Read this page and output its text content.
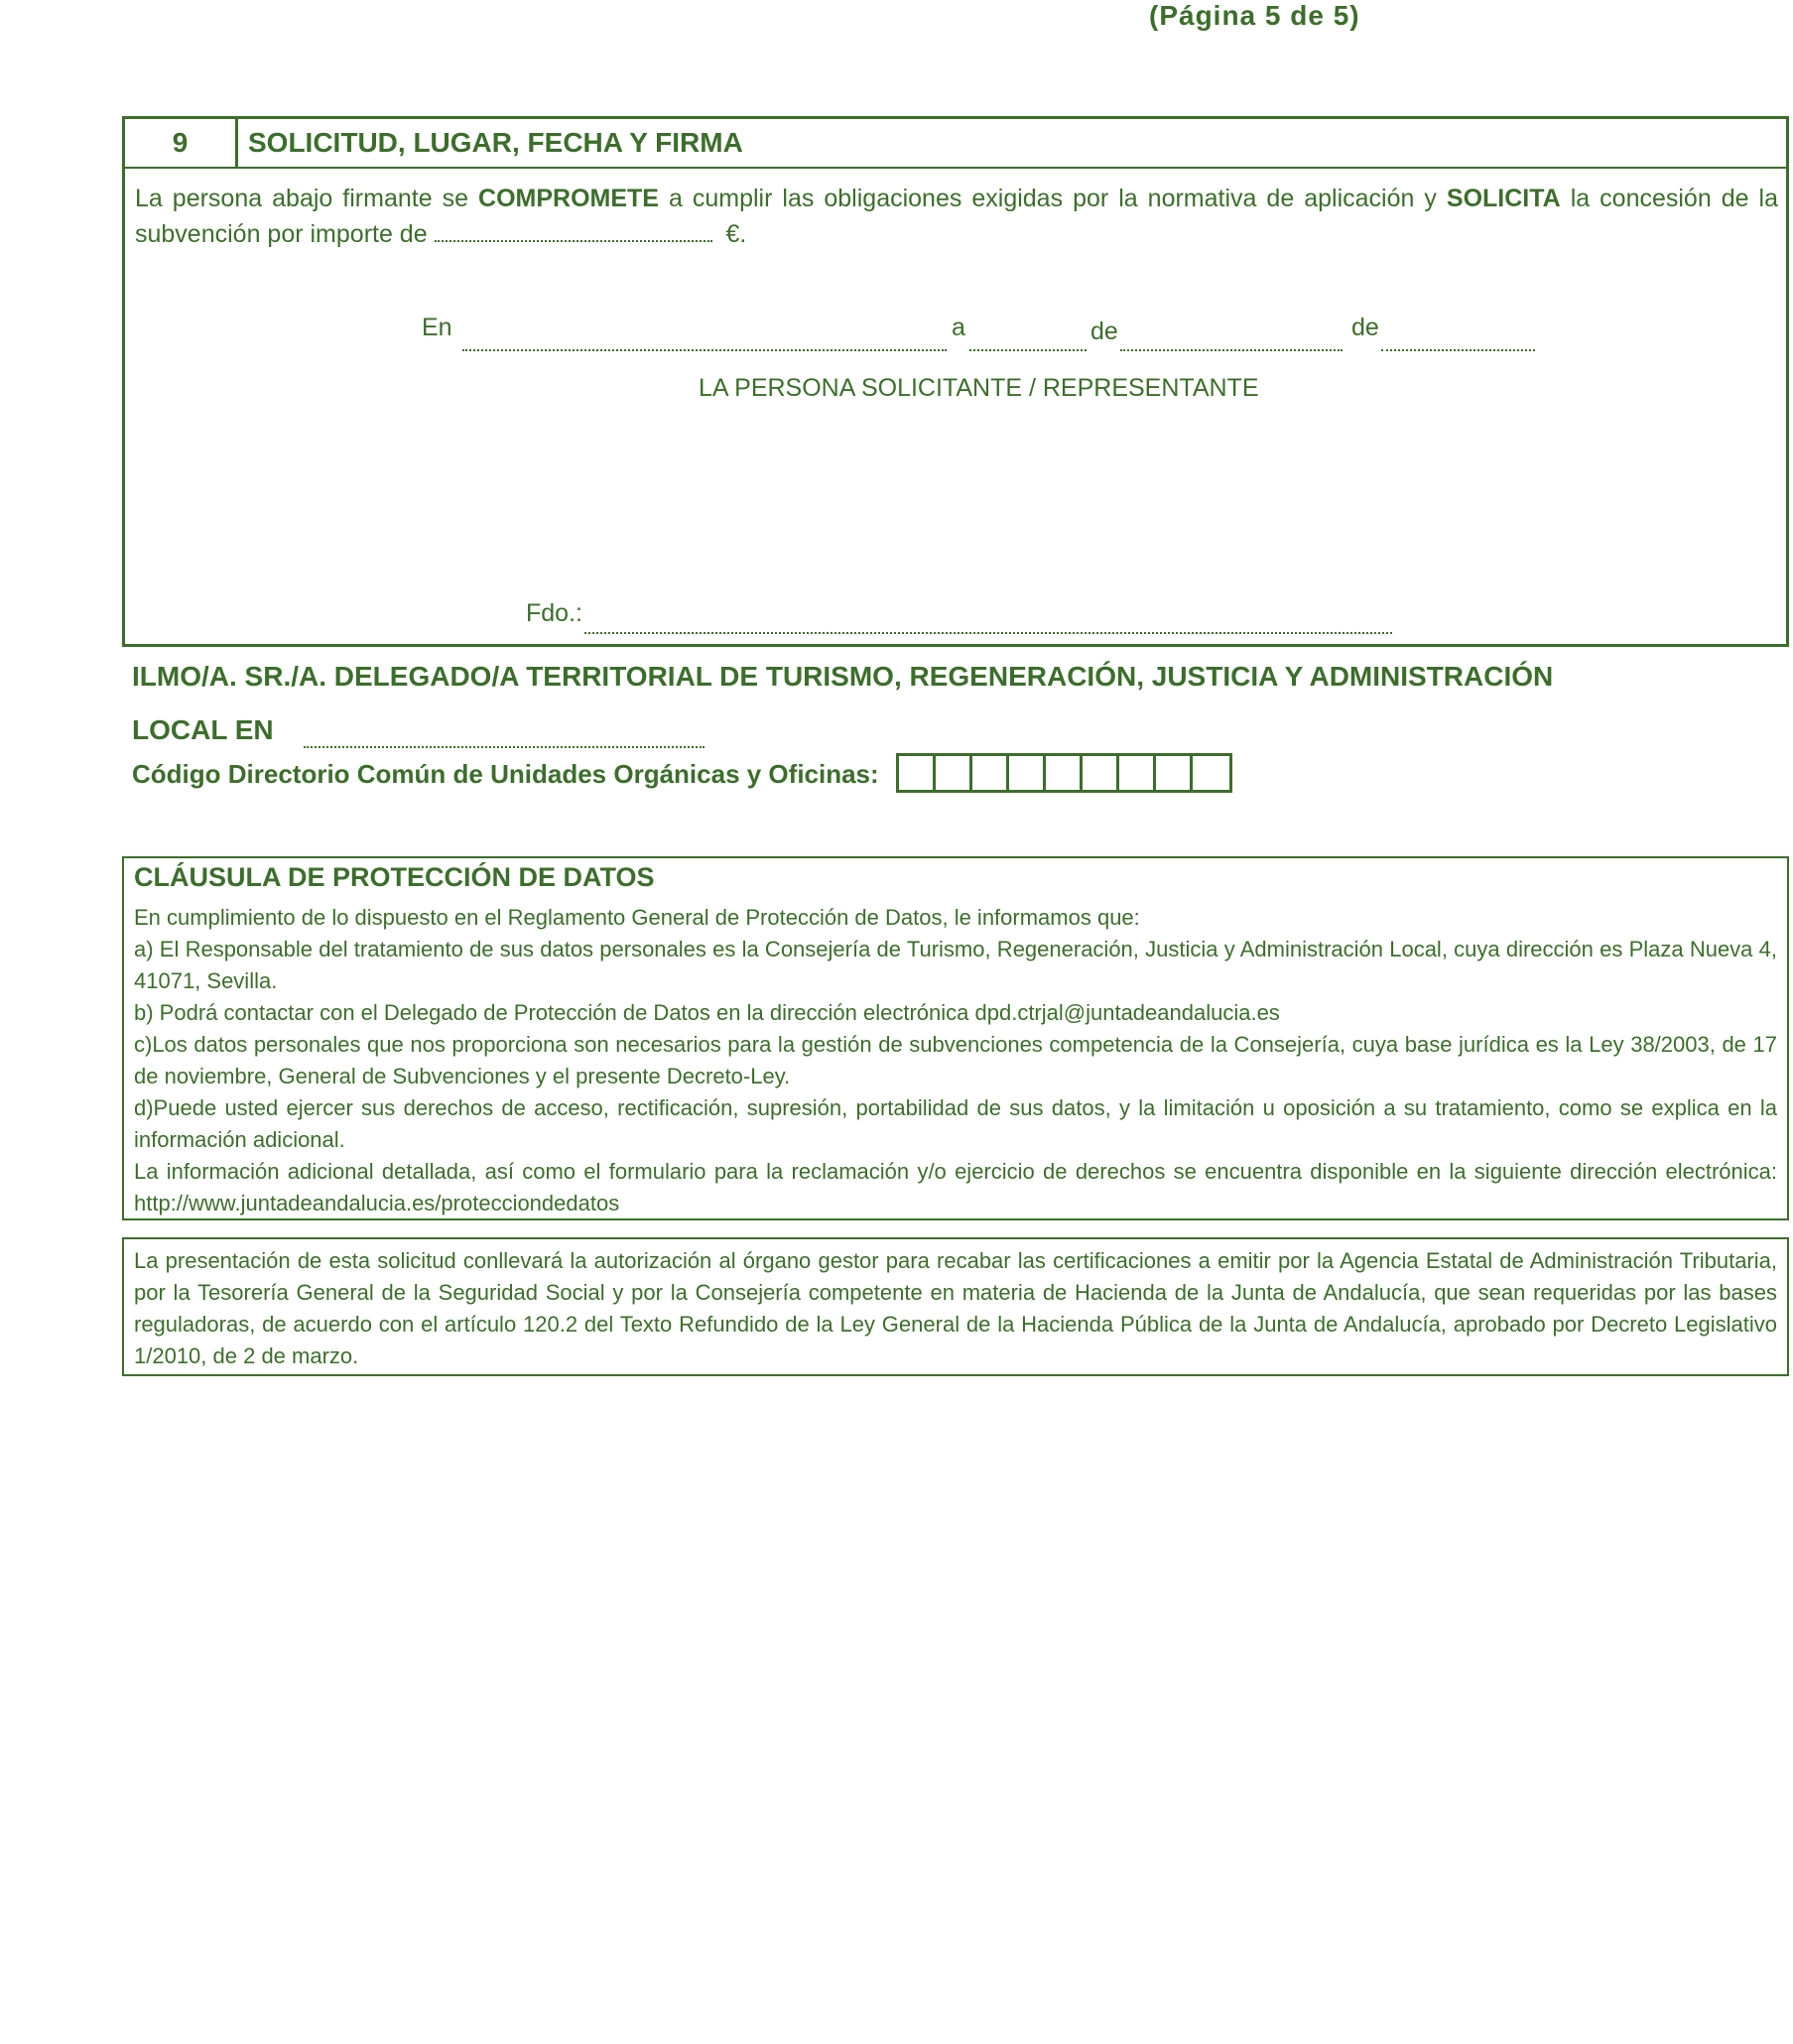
(Página 5 de 5)
9	SOLICITUD, LUGAR, FECHA Y FIRMA
La persona abajo firmante se COMPROMETE a cumplir las obligaciones exigidas por la normativa de aplicación y SOLICITA la concesión de la subvención por importe de	€.
En	a	de	de
LA PERSONA SOLICITANTE / REPRESENTANTE
Fdo.:
ILMO/A. SR./A. DELEGADO/A TERRITORIAL DE TURISMO, REGENERACIÓN, JUSTICIA Y ADMINISTRACIÓN
LOCAL EN
Código Directorio Común de Unidades Orgánicas y Oficinas:
CLÁUSULA DE PROTECCIÓN DE DATOS

En cumplimiento de lo dispuesto en el Reglamento General de Protección de Datos, le informamos que:

a) El Responsable del tratamiento de sus datos personales es la Consejería de Turismo, Regeneración, Justicia y Administración Local, cuya dirección es Plaza Nueva 4, 41071, Sevilla.

b) Podrá contactar con el Delegado de Protección de Datos en la dirección electrónica dpd.ctrjal@juntadeandalucia.es

c)Los datos personales que nos proporciona son necesarios para la gestión de subvenciones competencia de la Consejería, cuya base jurídica es la Ley 38/2003, de 17 de noviembre, General de Subvenciones y el presente Decreto-Ley.

d)Puede usted ejercer sus derechos de acceso, rectificación, supresión, portabilidad de sus datos, y la limitación u oposición a su tratamiento, como se explica en la información adicional.

La información adicional detallada, así como el formulario para la reclamación y/o ejercicio de derechos se encuentra disponible en la siguiente dirección electrónica: http://www.juntadeandalucia.es/protecciondedatos

La presentación de esta solicitud conllevará la autorización al órgano gestor para recabar las certificaciones a emitir por la Agencia Estatal de Administración Tributaria, por la Tesorería General de la Seguridad Social y por la Consejería competente en materia de Hacienda de la Junta de Andalucía, que sean requeridas por las bases reguladoras, de acuerdo con el artículo 120.2 del Texto Refundido de la Ley General de la Hacienda Pública de la Junta de Andalucía, aprobado por Decreto Legislativo 1/2010, de 2 de marzo.
